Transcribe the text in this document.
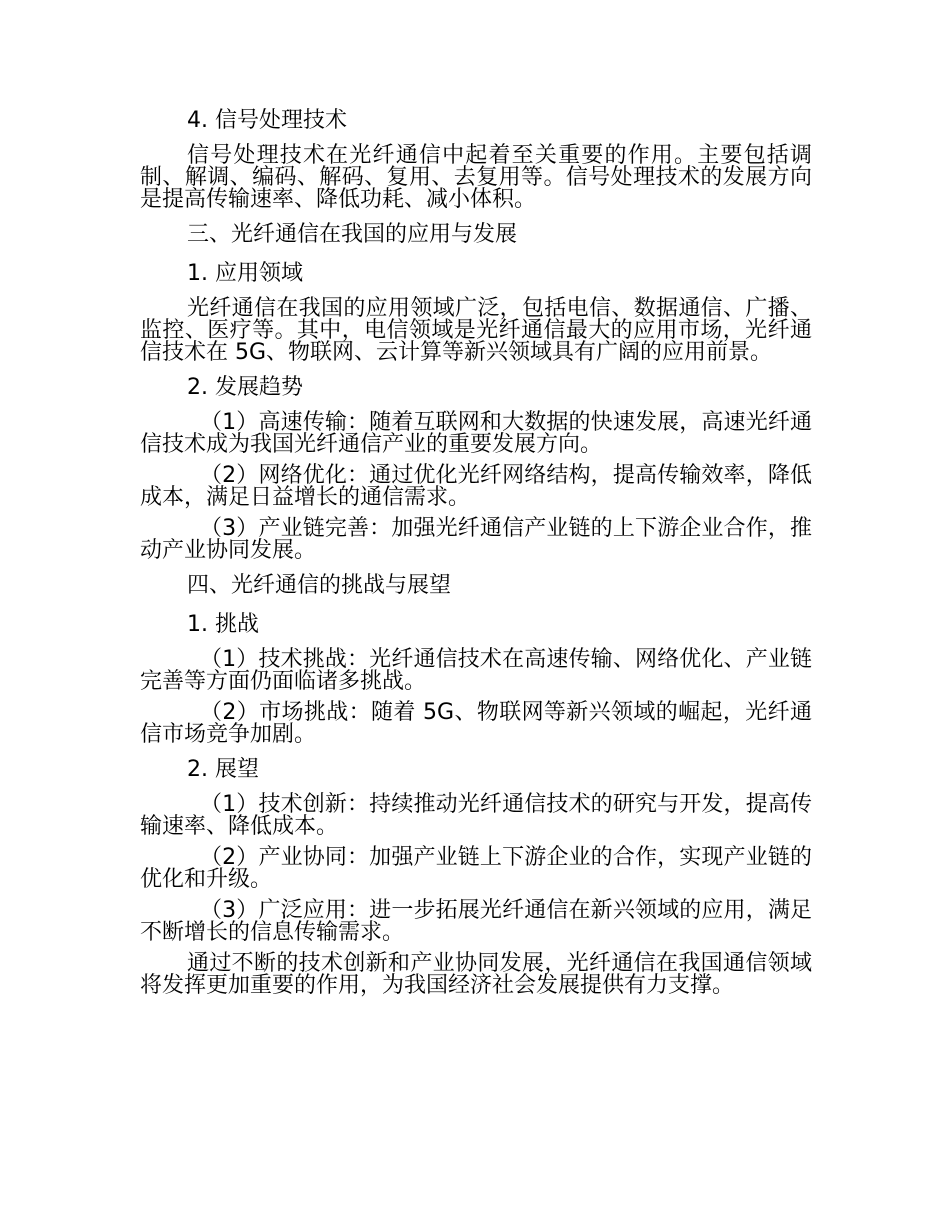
4. 信号处理技术
信号处理技术在光纤通信中起着至关重要的作用。主要包括调制、解调、编码、解码、复用、去复用等。信号处理技术的发展方向是提高传输速率、降低功耗、减小体积。
三、光纤通信在我国的应用与发展
1. 应用领域
光纤通信在我国的应用领域广泛，包括电信、数据通信、广播、监控、医疗等。其中，电信领域是光纤通信最大的应用市场，光纤通信技术在 5G、物联网、云计算等新兴领域具有广阔的应用前景。
2. 发展趋势
（1）高速传输：随着互联网和大数据的快速发展，高速光纤通信技术成为我国光纤通信产业的重要发展方向。
（2）网络优化：通过优化光纤网络结构，提高传输效率，降低成本，满足日益增长的通信需求。
（3）产业链完善：加强光纤通信产业链的上下游企业合作，推动产业协同发展。
四、光纤通信的挑战与展望
1. 挑战
（1）技术挑战：光纤通信技术在高速传输、网络优化、产业链完善等方面仍面临诸多挑战。
（2）市场挑战：随着 5G、物联网等新兴领域的崛起，光纤通信市场竞争加剧。
2. 展望
（1）技术创新：持续推动光纤通信技术的研究与开发，提高传输速率、降低成本。
（2）产业协同：加强产业链上下游企业的合作，实现产业链的优化和升级。
（3）广泛应用：进一步拓展光纤通信在新兴领域的应用，满足不断增长的信息传输需求。
通过不断的技术创新和产业协同发展，光纤通信在我国通信领域将发挥更加重要的作用，为我国经济社会发展提供有力支撑。
